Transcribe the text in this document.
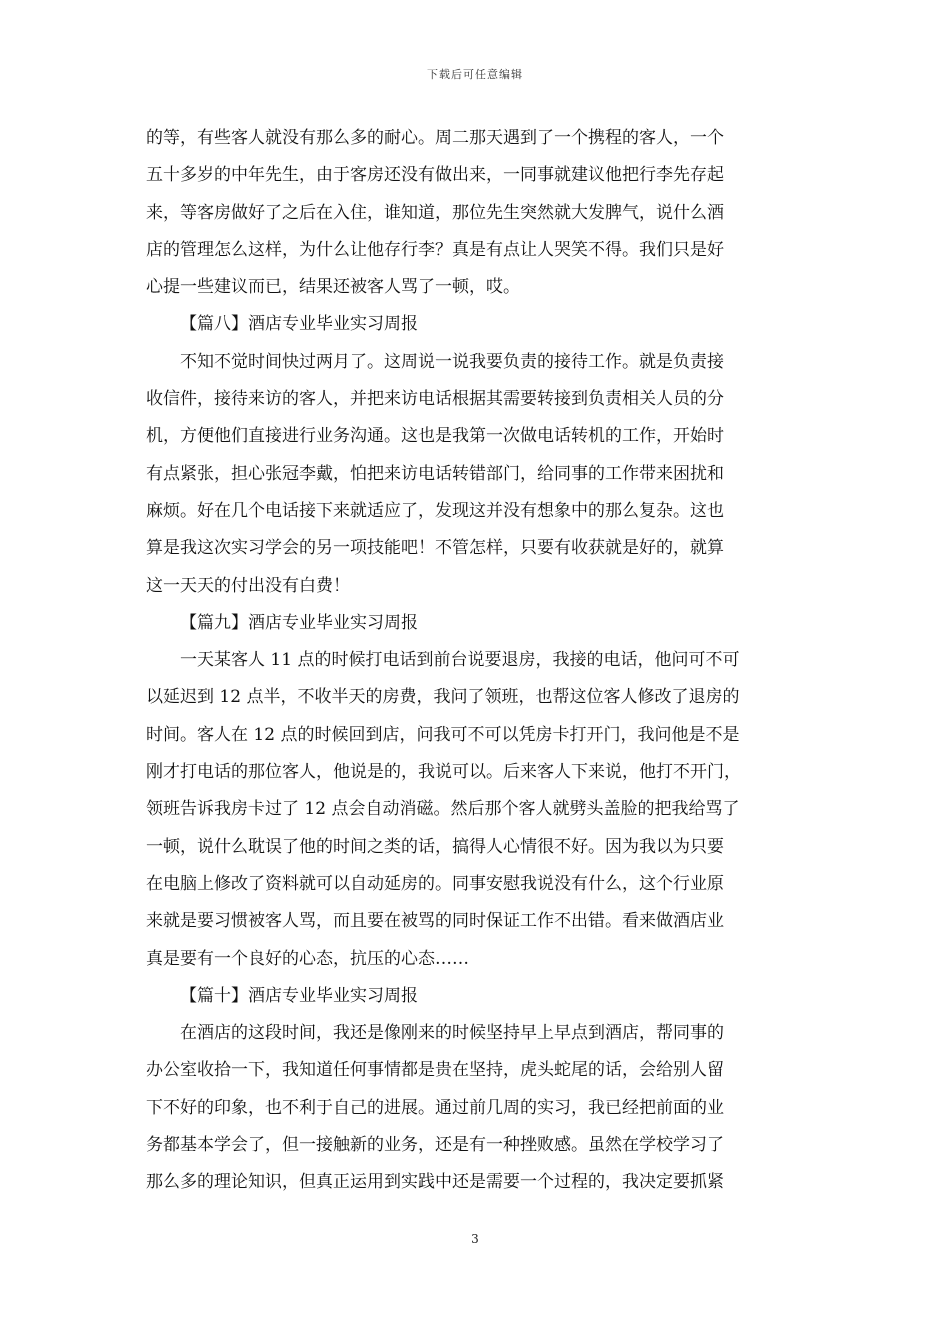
下载后可任意编辑
的等，有些客人就没有那么多的耐心。周二那天遇到了一个携程的客人，一个
五十多岁的中年先生，由于客房还没有做出来，一同事就建议他把行李先存起
来，等客房做好了之后在入住，谁知道，那位先生突然就大发脾气，说什么酒
店的管理怎么这样，为什么让他存行李？真是有点让人哭笑不得。我们只是好
心提一些建议而已，结果还被客人骂了一顿，哎。
【篇八】酒店专业毕业实习周报
不知不觉时间快过两月了。这周说一说我要负责的接待工作。就是负责接
收信件，接待来访的客人，并把来访电话根据其需要转接到负责相关人员的分
机，方便他们直接进行业务沟通。这也是我第一次做电话转机的工作，开始时
有点紧张，担心张冠李戴，怕把来访电话转错部门，给同事的工作带来困扰和
麻烦。好在几个电话接下来就适应了，发现这并没有想象中的那么复杂。这也
算是我这次实习学会的另一项技能吧！不管怎样，只要有收获就是好的，就算
这一天天的付出没有白费！
【篇九】酒店专业毕业实习周报
一天某客人 11 点的时候打电话到前台说要退房，我接的电话，他问可不可
以延迟到 12 点半，不收半天的房费，我问了领班，也帮这位客人修改了退房的
时间。客人在 12 点的时候回到店，问我可不可以凭房卡打开门，我问他是不是
刚才打电话的那位客人，他说是的，我说可以。后来客人下来说，他打不开门，
领班告诉我房卡过了 12 点会自动消磁。然后那个客人就劈头盖脸的把我给骂了
一顿，说什么耽误了他的时间之类的话，搞得人心情很不好。因为我以为只要
在电脑上修改了资料就可以自动延房的。同事安慰我说没有什么，这个行业原
来就是要习惯被客人骂，而且要在被骂的同时保证工作不出错。看来做酒店业
真是要有一个良好的心态，抗压的心态……
【篇十】酒店专业毕业实习周报
在酒店的这段时间，我还是像刚来的时候坚持早上早点到酒店，帮同事的
办公室收拾一下，我知道任何事情都是贵在坚持，虎头蛇尾的话，会给别人留
下不好的印象，也不利于自己的进展。通过前几周的实习，我已经把前面的业
务都基本学会了，但一接触新的业务，还是有一种挫败感。虽然在学校学习了
那么多的理论知识，但真正运用到实践中还是需要一个过程的，我决定要抓紧
3
